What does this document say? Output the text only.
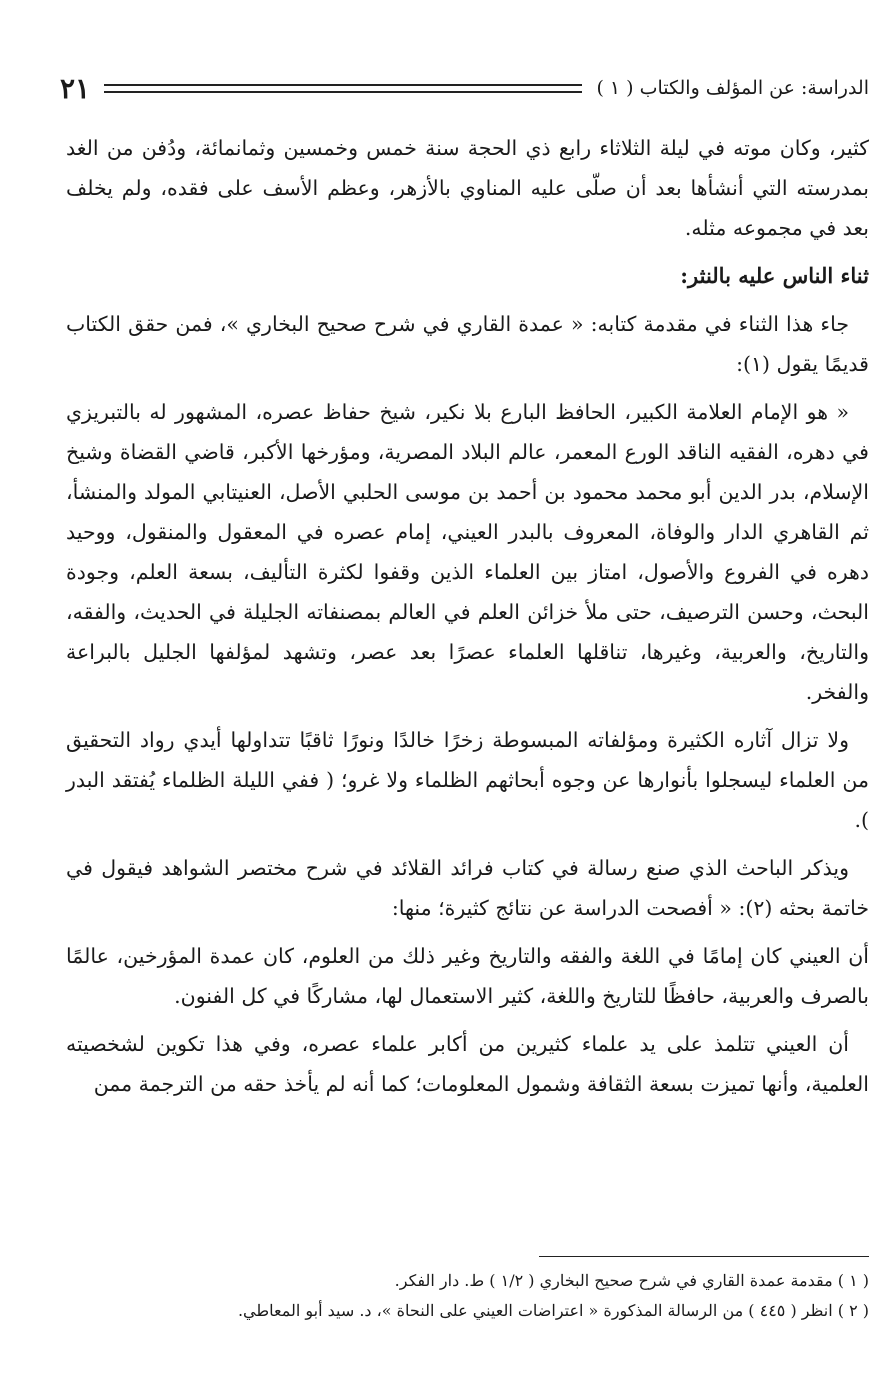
الدراسة: عن المؤلف والكتاب ( ١ )
٢١

كثير، وكان موته في ليلة الثلاثاء رابع ذي الحجة سنة خمس وخمسين وثمانمائة، ودُفن من الغد بمدرسته التي أنشأها بعد أن صلّى عليه المناوي بالأزهر، وعظم الأسف على فقده، ولم يخلف بعد في مجموعه مثله.

ثناء الناس عليه بالنثر:

جاء هذا الثناء في مقدمة كتابه: « عمدة القاري في شرح صحيح البخاري »، فمن حقق الكتاب قديمًا يقول (١):

« هو الإمام العلامة الكبير، الحافظ البارع بلا نكير، شيخ حفاظ عصره، المشهور له بالتبريزي في دهره، الفقيه الناقد الورع المعمر، عالم البلاد المصرية، ومؤرخها الأكبر، قاضي القضاة وشيخ الإسلام، بدر الدين أبو محمد محمود بن أحمد بن موسى الحلبي الأصل، العنيتابي المولد والمنشأ، ثم القاهري الدار والوفاة، المعروف بالبدر العيني، إمام عصره في المعقول والمنقول، ووحيد دهره في الفروع والأصول، امتاز بين العلماء الذين وقفوا لكثرة التأليف، بسعة العلم، وجودة البحث، وحسن الترصيف، حتى ملأ خزائن العلم في العالم بمصنفاته الجليلة في الحديث، والفقه، والتاريخ، والعربية، وغيرها، تناقلها العلماء عصرًا بعد عصر، وتشهد لمؤلفها الجليل بالبراعة والفخر.

ولا تزال آثاره الكثيرة ومؤلفاته المبسوطة زخرًا خالدًا ونورًا ثاقبًا تتداولها أيدي رواد التحقيق من العلماء ليسجلوا بأنوارها عن وجوه أبحاثهم الظلماء ولا غرو؛ ( ففي الليلة الظلماء يُفتقد البدر ).

ويذكر الباحث الذي صنع رسالة في كتاب فرائد القلائد في شرح مختصر الشواهد فيقول في خاتمة بحثه (٢): « أفصحت الدراسة عن نتائج كثيرة؛ منها:

أن العيني كان إمامًا في اللغة والفقه والتاريخ وغير ذلك من العلوم، كان عمدة المؤرخين، عالمًا بالصرف والعربية، حافظًا للتاريخ واللغة، كثير الاستعمال لها، مشاركًا في كل الفنون.

أن العيني تتلمذ على يد علماء كثيرين من أكابر علماء عصره، وفي هذا تكوين لشخصيته العلمية، وأنها تميزت بسعة الثقافة وشمول المعلومات؛ كما أنه لم يأخذ حقه من الترجمة ممن

( ١ ) مقدمة عمدة القاري في شرح صحيح البخاري ( ١/٢ ) ط. دار الفكر.
( ٢ ) انظر ( ٤٤٥ ) من الرسالة المذكورة « اعتراضات العيني على النحاة »، د. سيد أبو المعاطي.
